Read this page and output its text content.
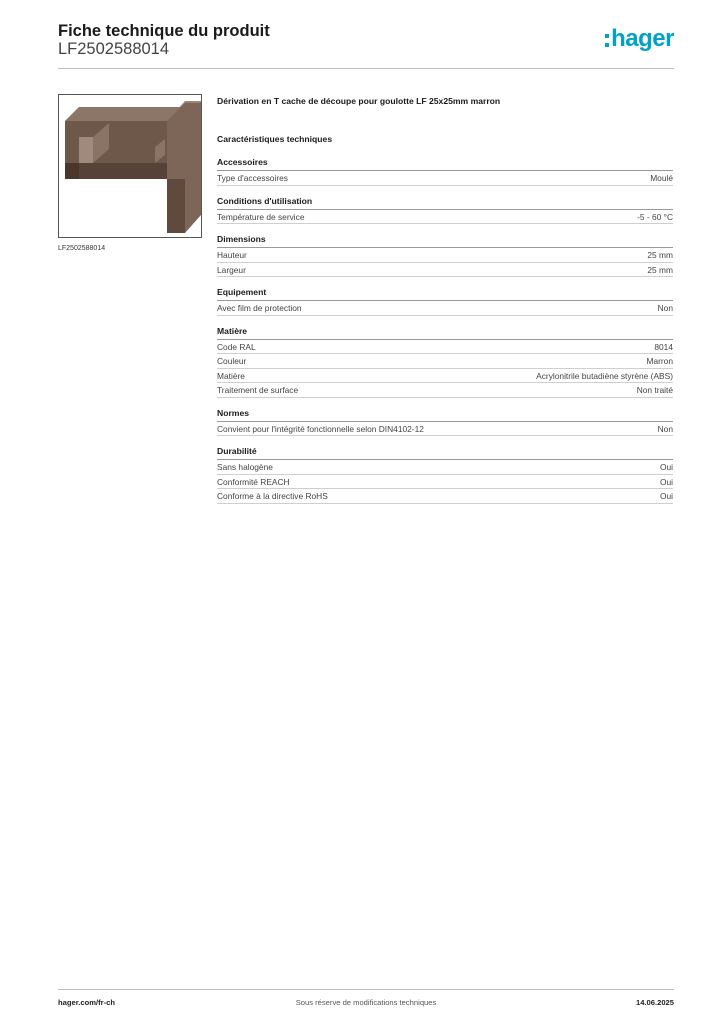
Fiche technique du produit
LF2502588014	hager
LF2502588014
Dérivation en T cache de découpe pour goulotte LF 25x25mm marron
Caractéristiques techniques
Accessoires
Type d'accessoires	Moulé
Conditions d'utilisation
Température de service	-5 - 60 °C
Dimensions
Hauteur	25 mm
Largeur	25 mm
Equipement
Avec film de protection	Non
Matière
Code RAL	8014
Couleur	Marron
Matière	Acrylonitrile butadiène styrène (ABS)
Traitement de surface	Non traité
Normes
Convient pour l'intégrité fonctionnelle selon DIN4102-12	Non
Durabilité
Sans halogène	Oui
Conformité REACH	Oui
Conforme à la directive RoHS	Oui
hager.com/fr-ch	Sous réserve de modifications techniques	14.06.2025
